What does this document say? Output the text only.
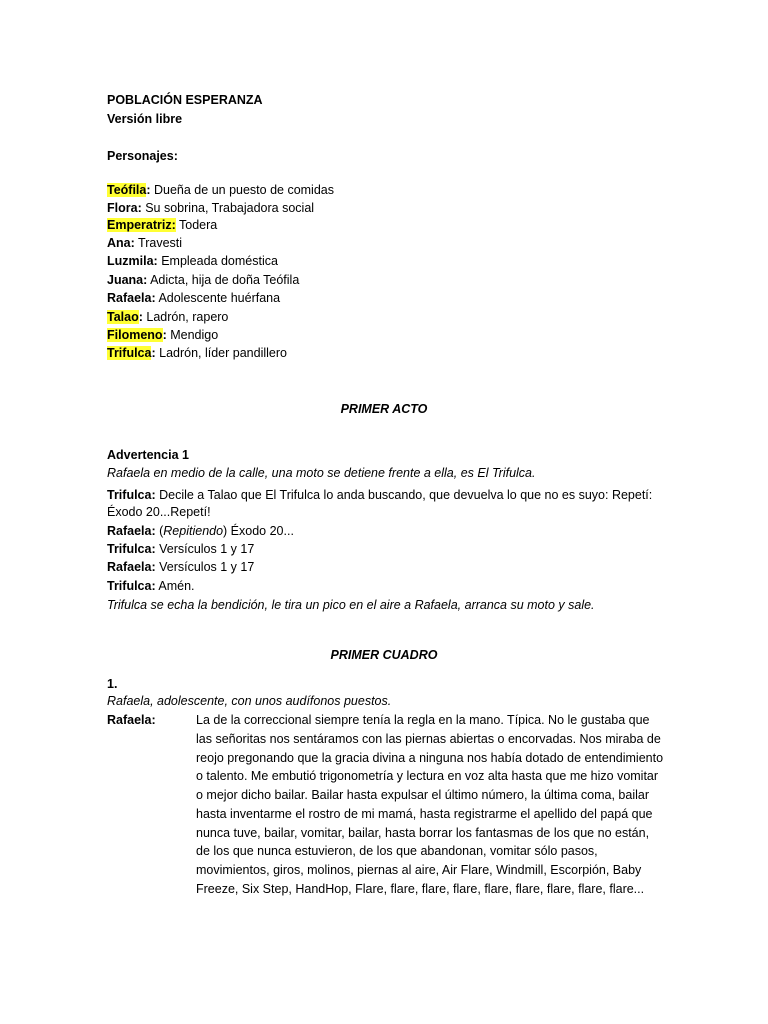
POBLACIÓN ESPERANZA
Versión libre
Personajes:
Teófila: Dueña de un puesto de comidas
Flora: Su sobrina, Trabajadora social
Emperatriz: Todera
Ana: Travesti
Luzmila: Empleada doméstica
Juana: Adicta, hija de doña Teófila
Rafaela: Adolescente huérfana
Talao: Ladrón, rapero
Filomeno: Mendigo
Trifulca: Ladrón, líder pandillero
PRIMER ACTO
Advertencia 1
Rafaela en medio de la calle, una moto se detiene frente a ella, es El Trifulca.
Trifulca: Decile a Talao que El Trifulca lo anda buscando, que devuelva lo que no es suyo: Repetí:
Éxodo 20...Repetí!
Rafaela: (Repitiendo) Éxodo 20...
Trifulca: Versículos 1 y 17
Rafaela: Versículos 1 y 17
Trifulca: Amén.
Trifulca se echa la bendición, le tira un pico en el aire a Rafaela, arranca su moto y sale.
PRIMER CUADRO
1.
Rafaela, adolescente, con unos audífonos puestos.
Rafaela:	La de la correccional siempre tenía la regla en la mano. Típica. No le gustaba que las señoritas nos sentáramos con las piernas abiertas o encorvadas. Nos miraba de reojo pregonando que la gracia divina a ninguna nos había dotado de entendimiento o talento. Me embutió trigonometría y lectura en voz alta hasta que me hizo vomitar o mejor dicho bailar. Bailar hasta expulsar el último número, la última coma, bailar hasta inventarme el rostro de mi mamá, hasta registrarme el apellido del papá que nunca tuve, bailar, vomitar, bailar, hasta borrar los fantasmas de los que no están, de los que nunca estuvieron, de los que abandonan, vomitar sólo pasos, movimientos, giros, molinos, piernas al aire, Air Flare, Windmill, Escorpión, Baby Freeze, Six Step, HandHop, Flare, flare, flare, flare, flare, flare, flare, flare, flare...
